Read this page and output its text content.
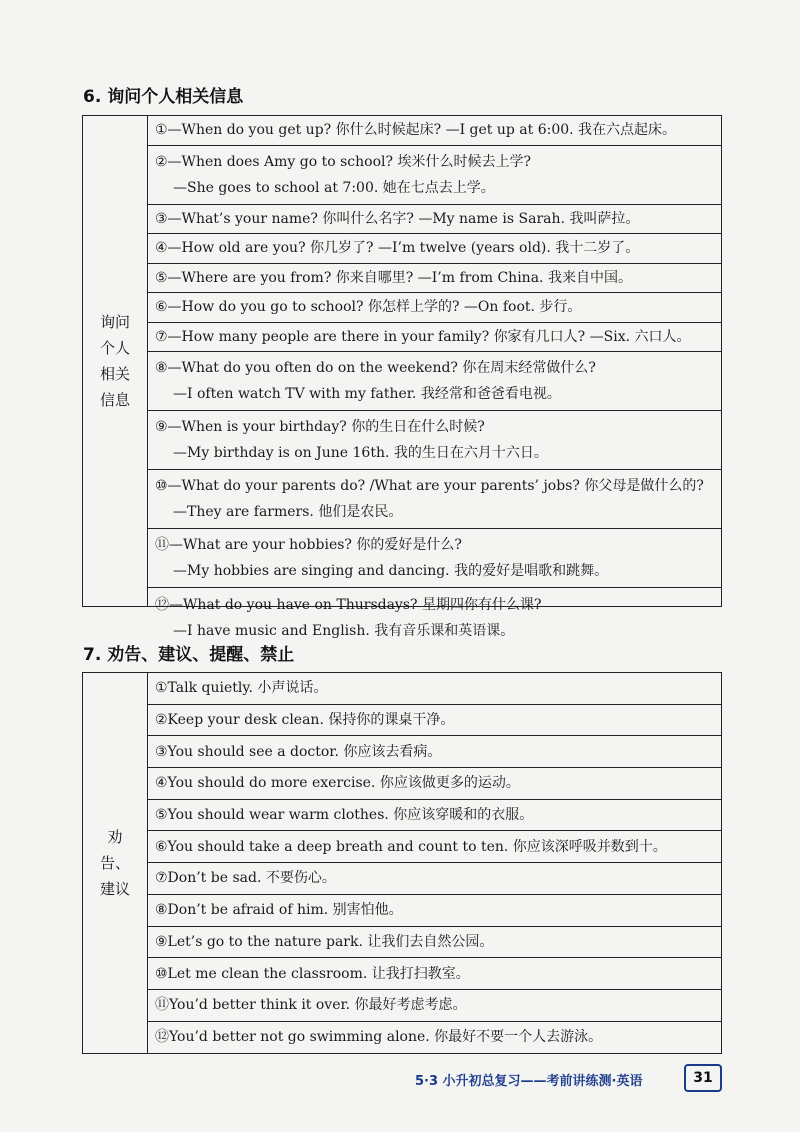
6. 询问个人相关信息
询问
个人
相关
信息
①—When do you get up? 你什么时候起床? —I get up at 6:00. 我在六点起床。
②—When does Amy go to school? 埃米什么时候去上学?
—She goes to school at 7:00. 她在七点去上学。
③—What’s your name? 你叫什么名字? —My name is Sarah. 我叫萨拉。
④—How old are you? 你几岁了? —I’m twelve (years old). 我十二岁了。
⑤—Where are you from? 你来自哪里? —I’m from China. 我来自中国。
⑥—How do you go to school? 你怎样上学的? —On foot. 步行。
⑦—How many people are there in your family? 你家有几口人? —Six. 六口人。
⑧—What do you often do on the weekend? 你在周末经常做什么?
—I often watch TV with my father. 我经常和爸爸看电视。
⑨—When is your birthday? 你的生日在什么时候?
—My birthday is on June 16th. 我的生日在六月十六日。
⑩—What do your parents do? /What are your parents’ jobs? 你父母是做什么的?
—They are farmers. 他们是农民。
⑪—What are your hobbies? 你的爱好是什么?
—My hobbies are singing and dancing. 我的爱好是唱歌和跳舞。
⑫—What do you have on Thursdays? 星期四你有什么课?
—I have music and English. 我有音乐课和英语课。
7. 劝告、建议、提醒、禁止
劝告、
建议
①Talk quietly. 小声说话。
②Keep your desk clean. 保持你的课桌干净。
③You should see a doctor. 你应该去看病。
④You should do more exercise. 你应该做更多的运动。
⑤You should wear warm clothes. 你应该穿暖和的衣服。
⑥You should take a deep breath and count to ten. 你应该深呼吸并数到十。
⑦Don’t be sad. 不要伤心。
⑧Don’t be afraid of him. 别害怕他。
⑨Let’s go to the nature park. 让我们去自然公园。
⑩Let me clean the classroom. 让我打扫教室。
⑪You’d better think it over. 你最好考虑考虑。
⑫You’d better not go swimming alone. 你最好不要一个人去游泳。
5·3 小升初总复习——考前讲练测·英语	31
